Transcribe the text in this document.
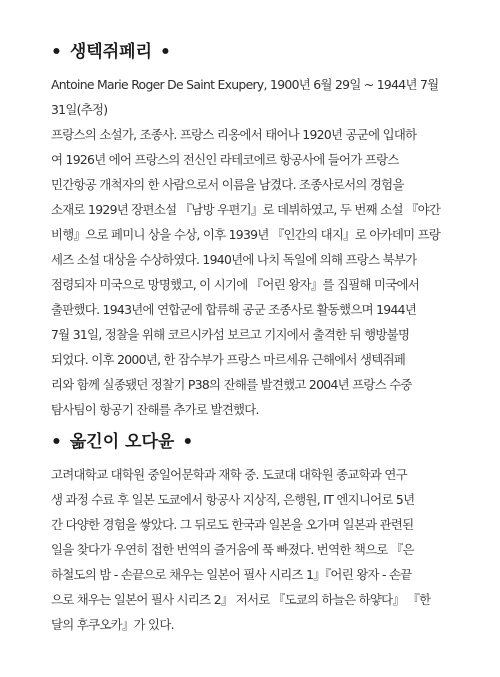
• 생텍쥐페리 •
Antoine Marie Roger De Saint Exupery, 1900년 6월 29일 ~ 1944년 7월
31일(추정)
프랑스의 소설가, 조종사. 프랑스 리옹에서 태어나 1920년 공군에 입대하
여 1926년 에어 프랑스의 전신인 라테코에르 항공사에 들어가 프랑스
민간항공 개척자의 한 사람으로서 이름을 남겼다. 조종사로서의 경험을
소재로 1929년 장편소설 『남방 우편기』로 데뷔하였고, 두 번째 소설 『야간
비행』으로 페미니 상을 수상, 이후 1939년 『인간의 대지』로 아카데미 프랑
세즈 소설 대상을 수상하였다. 1940년에 나치 독일에 의해 프랑스 북부가
점령되자 미국으로 망명했고, 이 시기에 『어린 왕자』를 집필해 미국에서
출판했다. 1943년에 연합군에 합류해 공군 조종사로 활동했으며 1944년
7월 31일, 정찰을 위해 코르시카섬 보르고 기지에서 출격한 뒤 행방불명
되었다. 이후 2000년, 한 잠수부가 프랑스 마르세유 근해에서 생텍쥐페
리와 함께 실종됐던 정찰기 P38의 잔해를 발견했고 2004년 프랑스 수중
탐사팀이 항공기 잔해를 추가로 발견했다.
• 옮긴이 오다윤 •
고려대학교 대학원 중일어문학과 재학 중. 도쿄대 대학원 종교학과 연구
생 과정 수료 후 일본 도쿄에서 항공사 지상직, 은행원, IT 엔지니어로 5년
간 다양한 경험을 쌓았다. 그 뒤로도 한국과 일본을 오가며 일본과 관련된
일을 찾다가 우연히 접한 번역의 즐거움에 푹 빠졌다. 번역한 책으로 『은
하철도의 밤 - 손끝으로 채우는 일본어 필사 시리즈 1』『어린 왕자 - 손끝
으로 채우는 일본어 필사 시리즈 2』 저서로 『도쿄의 하늘은 하얗다』 『한
달의 후쿠오카』가 있다.
